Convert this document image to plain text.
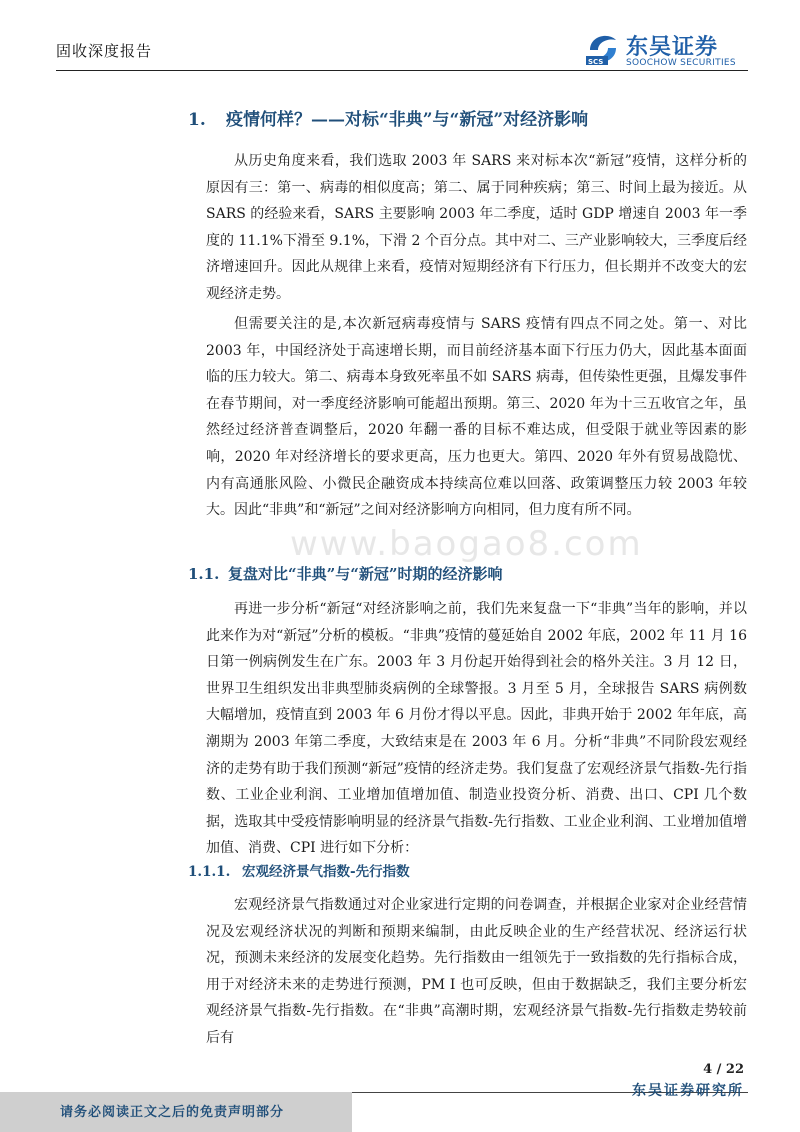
固收深度报告
SCS
东吴证券
SOOCHOW SECURITIES
1. 疫情何样？——对标“非典”与“新冠”对经济影响

从历史角度来看，我们选取 2003 年 SARS 来对标本次“新冠”疫情，这样分析的原因有三：第一、病毒的相似度高；第二、属于同种疾病；第三、时间上最为接近。从 SARS 的经验来看，SARS 主要影响 2003 年二季度，适时 GDP 增速自 2003 年一季度的 11.1%下滑至 9.1%，下滑 2 个百分点。其中对二、三产业影响较大，三季度后经济增速回升。因此从规律上来看，疫情对短期经济有下行压力，但长期并不改变大的宏观经济走势。

但需要关注的是,本次新冠病毒疫情与 SARS 疫情有四点不同之处。第一、对比 2003 年，中国经济处于高速增长期，而目前经济基本面下行压力仍大，因此基本面面临的压力较大。第二、病毒本身致死率虽不如 SARS 病毒，但传染性更强，且爆发事件在春节期间，对一季度经济影响可能超出预期。第三、2020 年为十三五收官之年，虽然经过经济普查调整后，2020 年翻一番的目标不难达成，但受限于就业等因素的影响，2020 年对经济增长的要求更高，压力也更大。第四、2020 年外有贸易战隐忧、内有高通胀风险、小微民企融资成本持续高位难以回落、政策调整压力较 2003 年较大。因此“非典”和“新冠”之间对经济影响方向相同，但力度有所不同。

www.baogao8.com
1.1. 复盘对比“非典”与“新冠”时期的经济影响

再进一步分析“新冠“对经济影响之前，我们先来复盘一下“非典”当年的影响，并以此来作为对“新冠”分析的模板。“非典”疫情的蔓延始自 2002 年底，2002 年 11 月 16 日第一例病例发生在广东。2003 年 3 月份起开始得到社会的格外关注。3 月 12 日，世界卫生组织发出非典型肺炎病例的全球警报。3 月至 5 月，全球报告 SARS 病例数大幅增加，疫情直到 2003 年 6 月份才得以平息。因此，非典开始于 2002 年年底，高潮期为 2003 年第二季度，大致结束是在 2003 年 6 月。分析“非典”不同阶段宏观经济的走势有助于我们预测“新冠”疫情的经济走势。我们复盘了宏观经济景气指数-先行指数、工业企业利润、工业增加值增加值、制造业投资分析、消费、出口、CPI 几个数据，选取其中受疫情影响明显的经济景气指数-先行指数、工业企业利润、工业增加值增加值、消费、CPI 进行如下分析：

1.1.1. 宏观经济景气指数-先行指数

宏观经济景气指数通过对企业家进行定期的问卷调查，并根据企业家对企业经营情况及宏观经济状况的判断和预期来编制，由此反映企业的生产经营状况、经济运行状况，预测未来经济的发展变化趋势。先行指数由一组领先于一致指数的先行指标合成，用于对经济未来的走势进行预测，PM I 也可反映，但由于数据缺乏，我们主要分析宏观经济景气指数-先行指数。在“非典”高潮时期，宏观经济景气指数-先行指数走势较前后有

4 / 22
请务必阅读正文之后的免责声明部分
东吴证券研究所
